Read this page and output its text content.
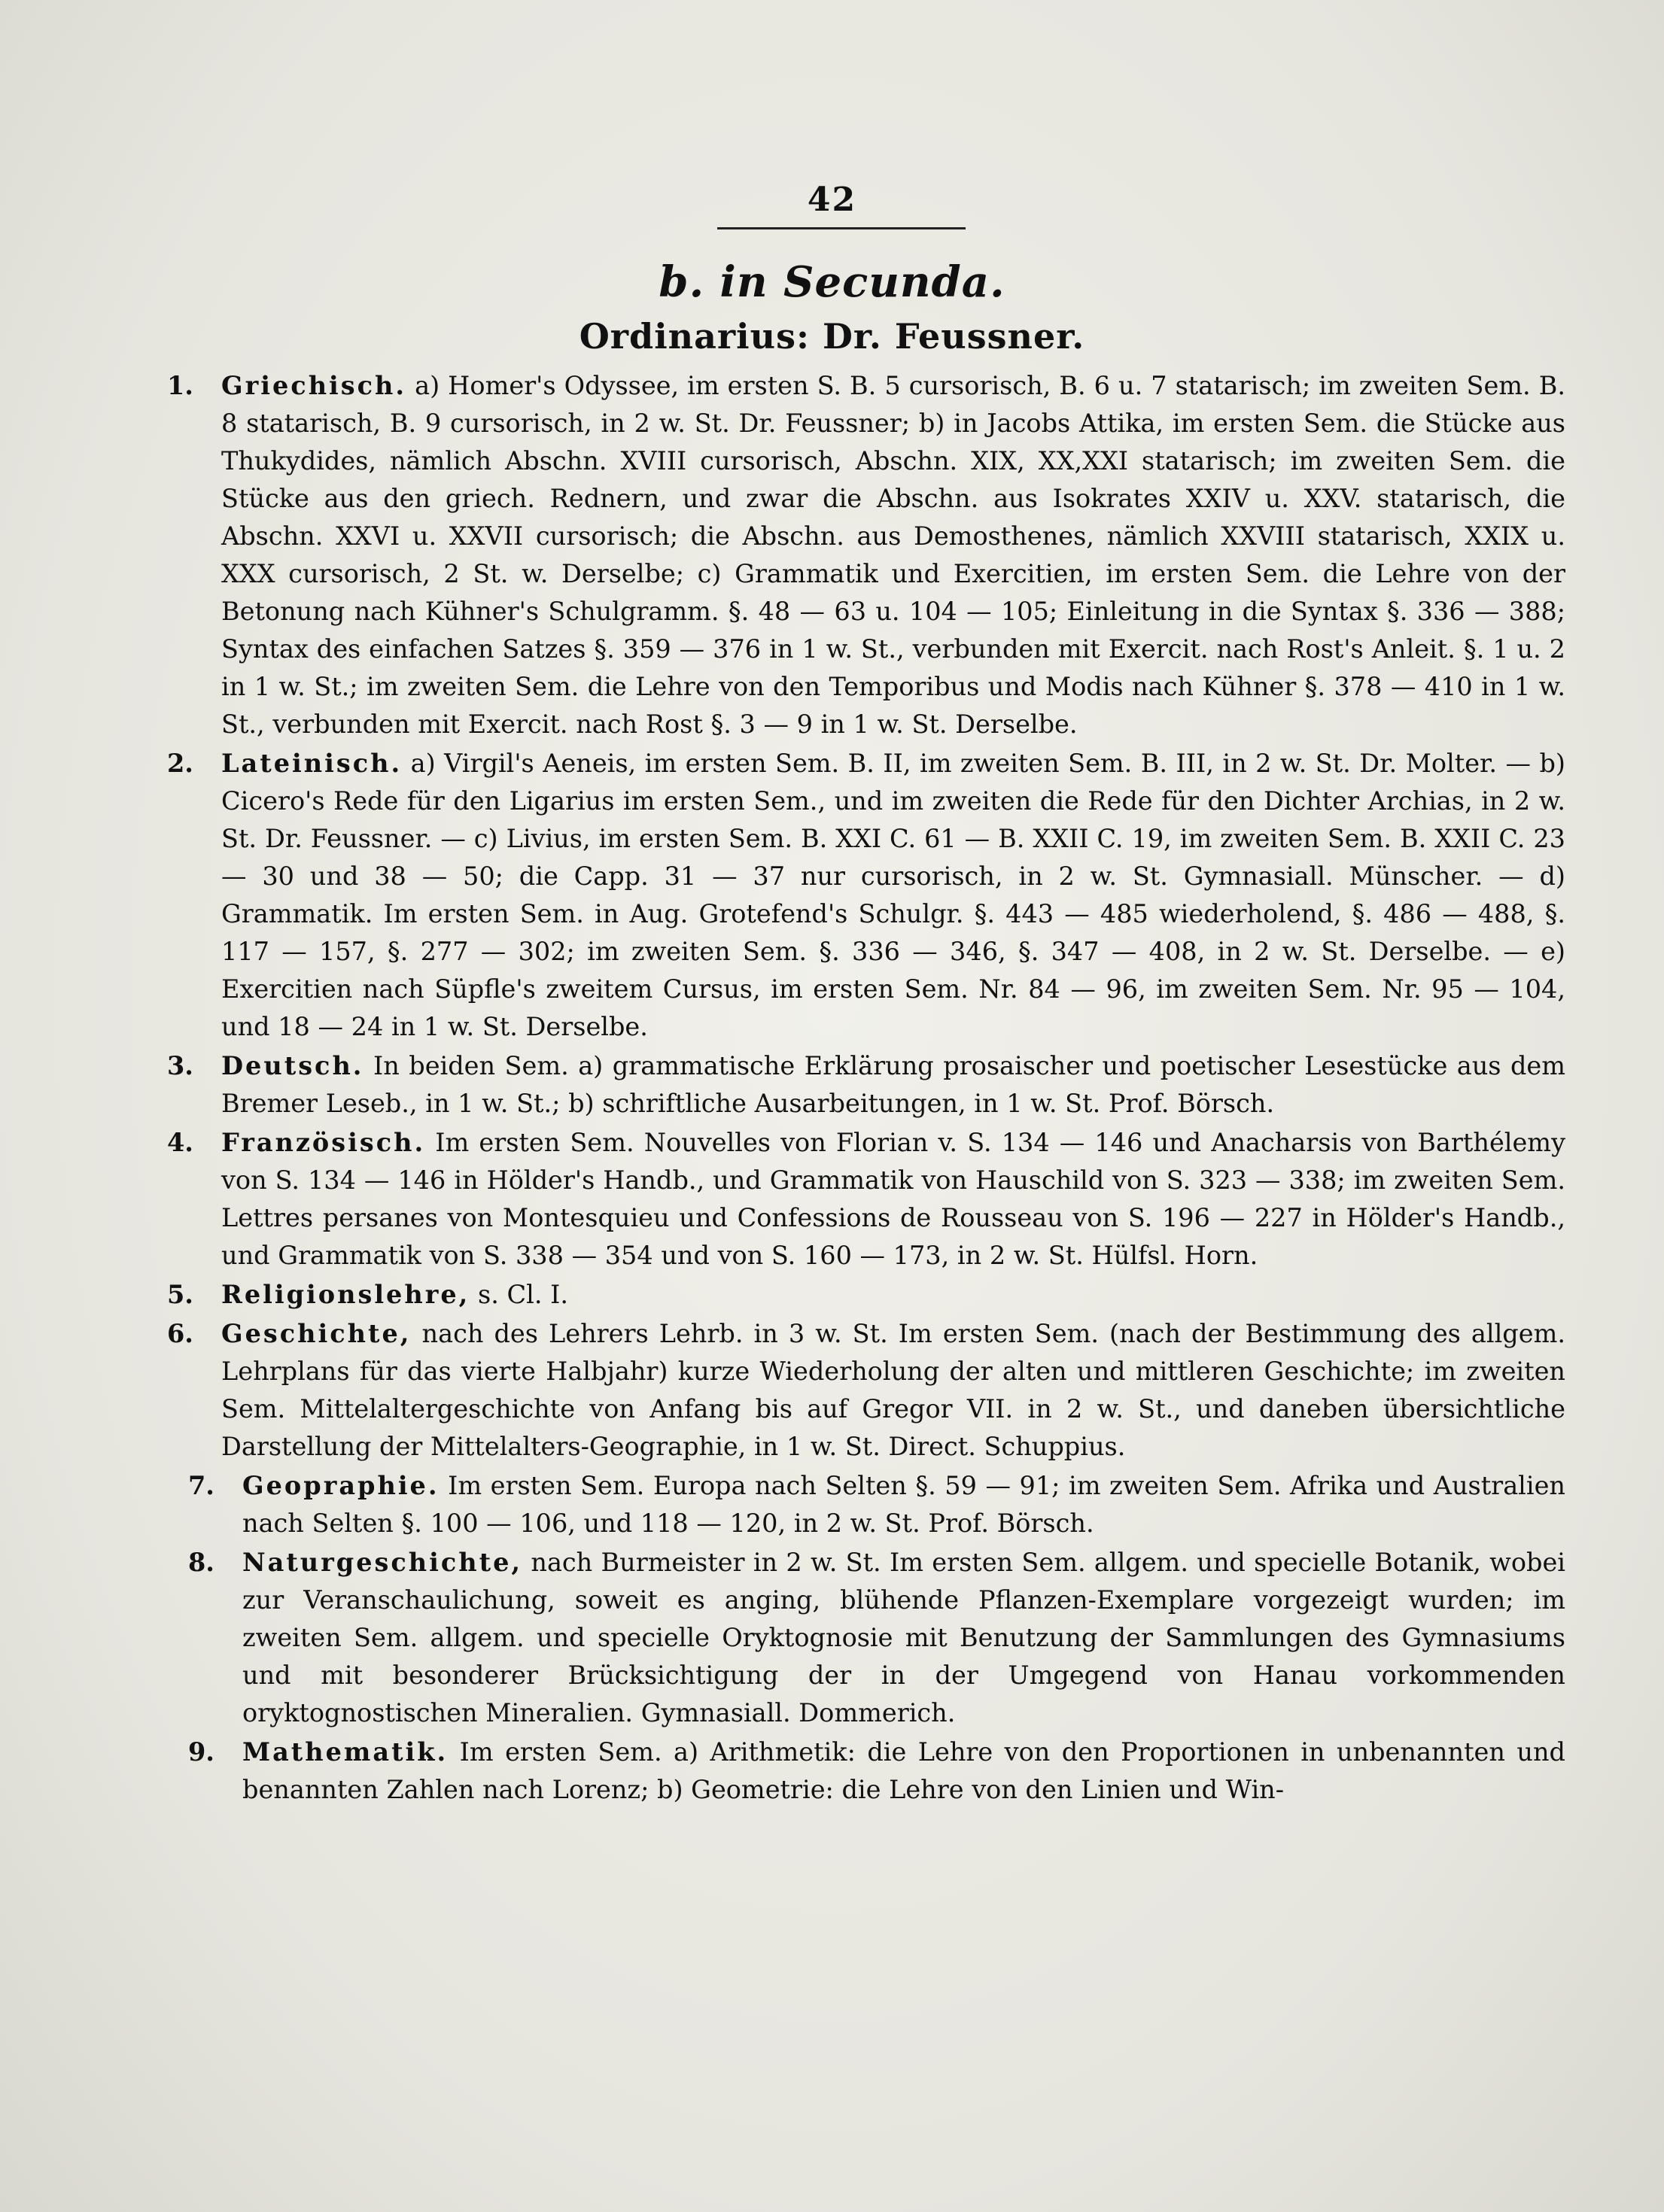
42
b. in Secunda.
Ordinarius: Dr. Feussner.

1. Griechisch. a) Homer's Odyssee, im ersten S. B. 5 cursorisch, B. 6 u. 7 statarisch; im zweiten Sem. B. 8 statarisch, B. 9 cursorisch, in 2 w. St. Dr. Feussner; b) in Jacobs Attika, im ersten Sem. die Stücke aus Thukydides, nämlich Abschn. XVIII cursorisch, Abschn. XIX, XX,XXI statarisch; im zweiten Sem. die Stücke aus den griech. Rednern, und zwar die Abschn. aus Isokrates XXIV u. XXV. statarisch, die Abschn. XXVI u. XXVII cursorisch; die Abschn. aus Demosthenes, nämlich XXVIII statarisch, XXIX u. XXX cursorisch, 2 St. w. Derselbe; c) Grammatik und Exercitien, im ersten Sem. die Lehre von der Betonung nach Kühner's Schulgramm. §. 48 — 63 u. 104 — 105; Einleitung in die Syntax §. 336 — 388; Syntax des einfachen Satzes §. 359 — 376 in 1 w. St., verbunden mit Exercit. nach Rost's Anleit. §. 1 u. 2 in 1 w. St.; im zweiten Sem. die Lehre von den Temporibus und Modis nach Kühner §. 378 — 410 in 1 w. St., verbunden mit Exercit. nach Rost §. 3 — 9 in 1 w. St. Derselbe.

2. Lateinisch. a) Virgil's Aeneis, im ersten Sem. B. II, im zweiten Sem. B. III, in 2 w. St. Dr. Molter. — b) Cicero's Rede für den Ligarius im ersten Sem., und im zweiten die Rede für den Dichter Archias, in 2 w. St. Dr. Feussner. — c) Livius, im ersten Sem. B. XXI C. 61 — B. XXII C. 19, im zweiten Sem. B. XXII C. 23 — 30 und 38 — 50; die Capp. 31 — 37 nur cursorisch, in 2 w. St. Gymnasiall. Münscher. — d) Grammatik. Im ersten Sem. in Aug. Grotefend's Schulgr. §. 443 — 485 wiederholend, §. 486 — 488, §. 117 — 157, §. 277 — 302; im zweiten Sem. §. 336 — 346, §. 347 — 408, in 2 w. St. Derselbe. — e) Exercitien nach Süpfle's zweitem Cursus, im ersten Sem. Nr. 84 — 96, im zweiten Sem. Nr. 95 — 104, und 18 — 24 in 1 w. St. Derselbe.

3. Deutsch. In beiden Sem. a) grammatische Erklärung prosaischer und poetischer Lesestücke aus dem Bremer Leseb., in 1 w. St.; b) schriftliche Ausarbeitungen, in 1 w. St. Prof. Börsch.

4. Französisch. Im ersten Sem. Nouvelles von Florian v. S. 134 — 146 und Anacharsis von Barthélemy von S. 134 — 146 in Hölder's Handb., und Grammatik von Hauschild von S. 323 — 338; im zweiten Sem. Lettres persanes von Montesquieu und Confessions de Rousseau von S. 196 — 227 in Hölder's Handb., und Grammatik von S. 338 — 354 und von S. 160 — 173, in 2 w. St. Hülfsl. Horn.

5. Religionslehre, s. Cl. I.

6. Geschichte, nach des Lehrers Lehrb. in 3 w. St. Im ersten Sem. (nach der Bestimmung des allgem. Lehrplans für das vierte Halbjahr) kurze Wiederholung der alten und mittleren Geschichte; im zweiten Sem. Mittelaltergeschichte von Anfang bis auf Gregor VII. in 2 w. St., und daneben übersichtliche Darstellung der Mittelalters-Geographie, in 1 w. St. Direct. Schuppius.

7. Geopraphie. Im ersten Sem. Europa nach Selten §. 59 — 91; im zweiten Sem. Afrika und Australien nach Selten §. 100 — 106, und 118 — 120, in 2 w. St. Prof. Börsch.

8. Naturgeschichte, nach Burmeister in 2 w. St. Im ersten Sem. allgem. und specielle Botanik, wobei zur Veranschaulichung, soweit es anging, blühende Pflanzen-Exemplare vorgezeigt wurden; im zweiten Sem. allgem. und specielle Oryktognosie mit Benutzung der Sammlungen des Gymnasiums und mit besonderer Brücksichtigung der in der Umgegend von Hanau vorkommenden oryktognostischen Mineralien. Gymnasiall. Dommerich.

9. Mathematik. Im ersten Sem. a) Arithmetik: die Lehre von den Proportionen in unbenannten und benannten Zahlen nach Lorenz; b) Geometrie: die Lehre von den Linien und Win-
